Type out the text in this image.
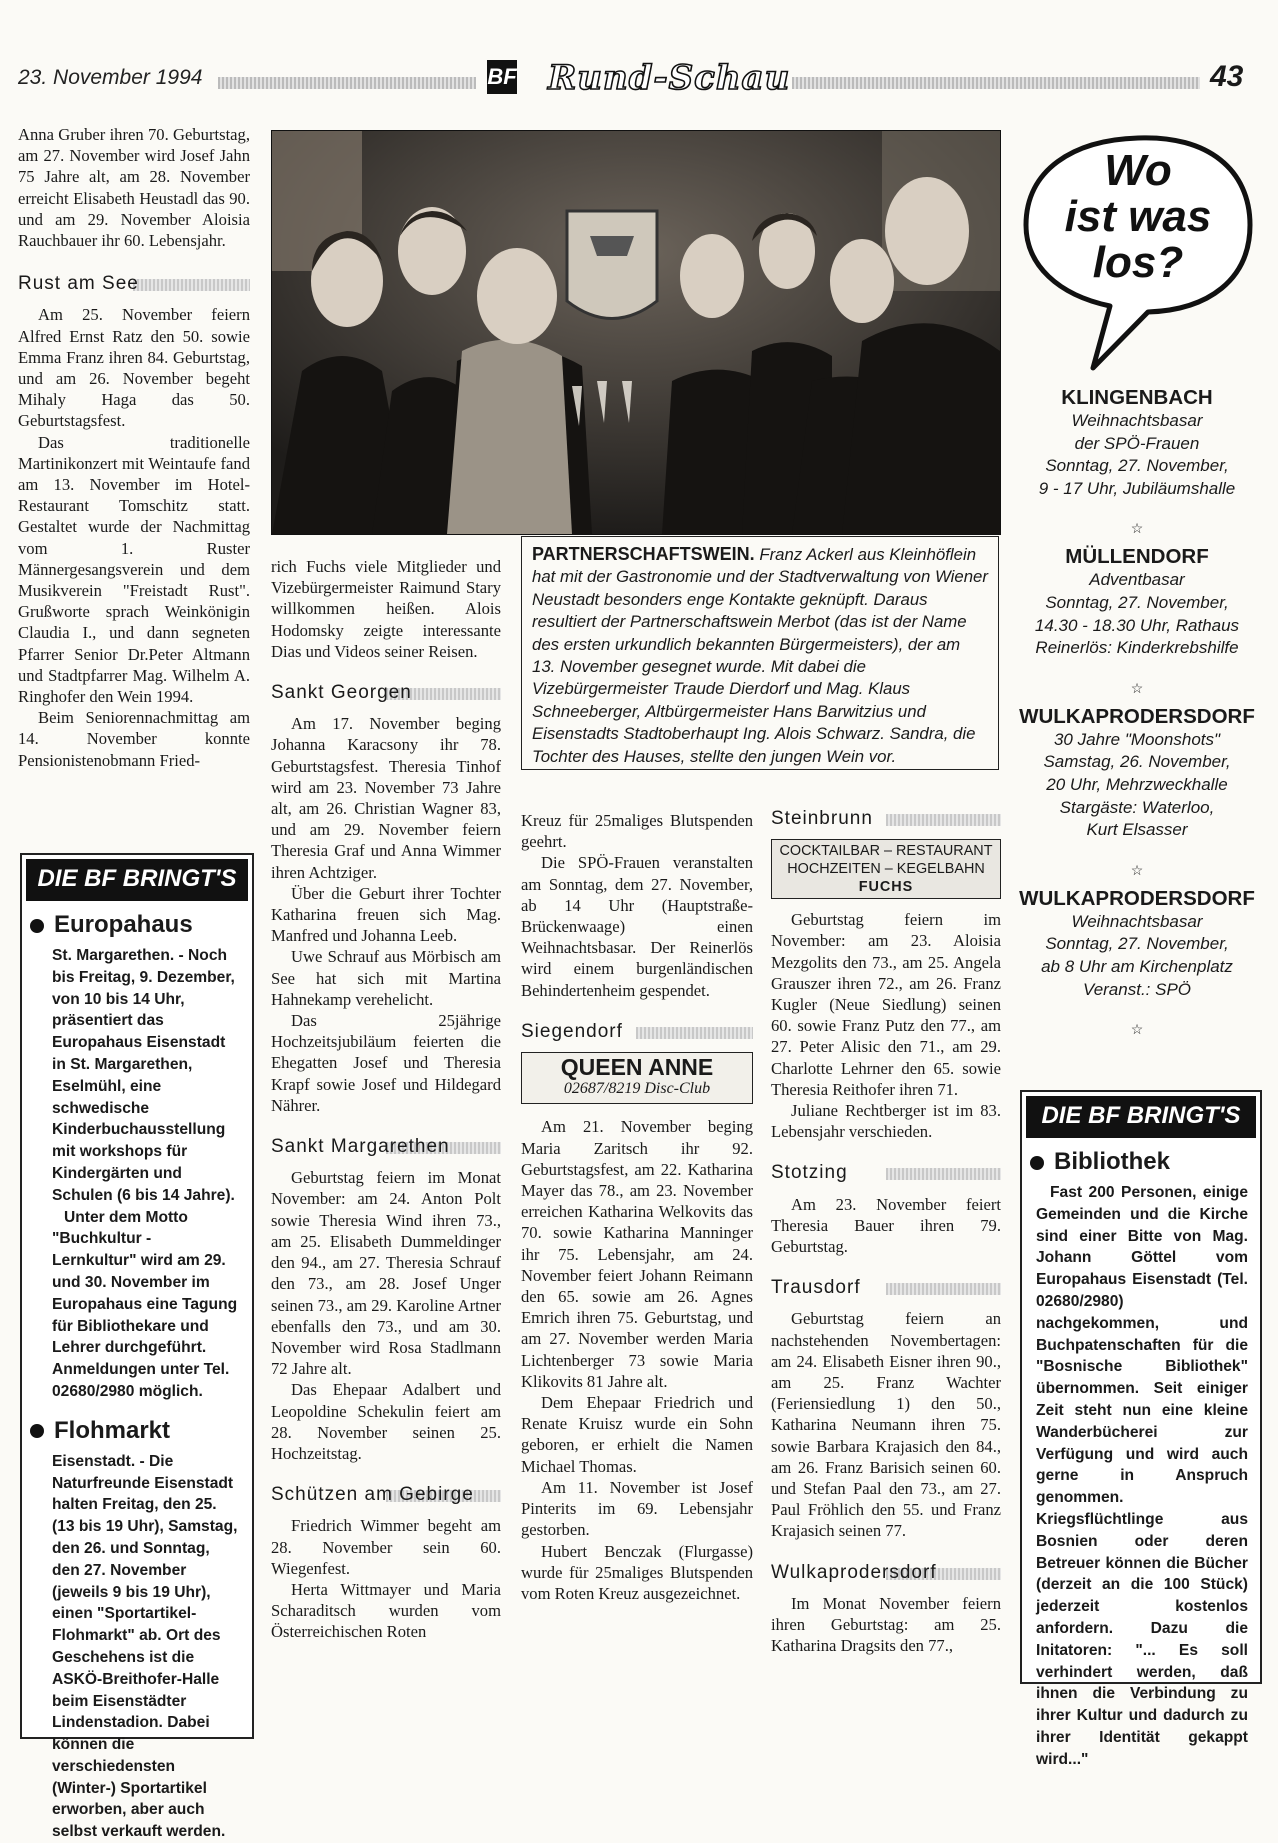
23. November 1994	BF Rund-Schau	43

Anna Gruber ihren 70. Geburtstag, am 27. November wird Josef Jahn 75 Jahre alt, am 28. November erreicht Elisabeth Heustadl das 90. und am 29. November Aloisia Rauchbauer ihr 60. Lebensjahr.

Rust am See

Am 25. November feiern Alfred Ernst Ratz den 50. sowie Emma Franz ihren 84. Geburtstag, und am 26. November begeht Mihaly Haga das 50. Geburtstagsfest.

Das traditionelle Martinikonzert mit Weintaufe fand am 13. November im Hotel-Restaurant Tomschitz statt. Gestaltet wurde der Nachmittag vom 1. Ruster Männergesangsverein und dem Musikverein "Freistadt Rust". Grußworte sprach Weinkönigin Claudia I., und dann segneten Pfarrer Senior Dr.Peter Altmann und Stadtpfarrer Mag. Wilhelm A. Ringhofer den Wein 1994.

Beim Seniorennachmittag am 14. November konnte Pensionistenobmann Fried-

DIE BF BRINGT'S
Europahaus

St. Margarethen. - Noch bis Freitag, 9. Dezember, von 10 bis 14 Uhr, präsentiert das Europahaus Eisenstadt in St. Margarethen, Eselmühl, eine schwedische Kinderbuchausstellung mit workshops für Kindergärten und Schulen (6 bis 14 Jahre).

Unter dem Motto "Buchkultur - Lernkultur" wird am 29. und 30. November im Europahaus eine Tagung für Bibliothekare und Lehrer durchgeführt. Anmeldungen unter Tel. 02680/2980 möglich.

Flohmarkt

Eisenstadt. - Die Naturfreunde Eisenstadt halten Freitag, den 25. (13 bis 19 Uhr), Samstag, den 26. und Sonntag, den 27. November (jeweils 9 bis 19 Uhr), einen "Sportartikel-Flohmarkt" ab. Ort des Geschehens ist die ASKÖ-Breithofer-Halle beim Eisenstädter Lindenstadion. Dabei können die verschiedensten (Winter-) Sportartikel erworben, aber auch selbst verkauft werden.

PARTNERSCHAFTSWEIN. Franz Ackerl aus Kleinhöflein hat mit der Gastronomie und der Stadtverwaltung von Wiener Neustadt besonders enge Kontakte geknüpft. Daraus resultiert der Partnerschaftswein Merbot (das ist der Name des ersten urkundlich bekannten Bürgermeisters), der am 13. November gesegnet wurde. Mit dabei die Vizebürgermeister Traude Dierdorf und Mag. Klaus Schneeberger, Altbürgermeister Hans Barwitzius und Eisenstadts Stadtoberhaupt Ing. Alois Schwarz. Sandra, die Tochter des Hauses, stellte den jungen Wein vor.

rich Fuchs viele Mitglieder und Vizebürgermeister Raimund Stary willkommen heißen. Alois Hodomsky zeigte interessante Dias und Videos seiner Reisen.

Sankt Georgen

Am 17. November beging Johanna Karacsony ihr 78. Geburtstagsfest. Theresia Tinhof wird am 23. November 73 Jahre alt, am 26. Christian Wagner 83, und am 29. November feiern Theresia Graf und Anna Wimmer ihren Achtziger.

Über die Geburt ihrer Tochter Katharina freuen sich Mag. Manfred und Johanna Leeb.

Uwe Schrauf aus Mörbisch am See hat sich mit Martina Hahnekamp verehelicht.

Das 25jährige Hochzeitsjubiläum feierten die Ehegatten Josef und Theresia Krapf sowie Josef und Hildegard Nährer.

Sankt Margarethen

Geburtstag feiern im Monat November: am 24. Anton Polt sowie Theresia Wind ihren 73., am 25. Elisabeth Dummeldinger den 94., am 27. Theresia Schrauf den 73., am 28. Josef Unger seinen 73., am 29. Karoline Artner ebenfalls den 73., und am 30. November wird Rosa Stadlmann 72 Jahre alt.

Das Ehepaar Adalbert und Leopoldine Schekulin feiert am 28. November seinen 25. Hochzeitstag.

Schützen am Gebirge

Friedrich Wimmer begeht am 28. November sein 60. Wiegenfest.

Herta Wittmayer und Maria Scharaditsch wurden vom Österreichischen Roten

Kreuz für 25maliges Blutspenden geehrt.

Die SPÖ-Frauen veranstalten am Sonntag, dem 27. November, ab 14 Uhr (Hauptstraße-Brückenwaage) einen Weihnachtsbasar. Der Reinerlös wird einem burgenländischen Behindertenheim gespendet.

Siegendorf
QUEEN ANNE
02687/8219 Disc-Club

Am 21. November beging Maria Zaritsch ihr 92. Geburtstagsfest, am 22. Katharina Mayer das 78., am 23. November erreichen Katharina Welkovits das 70. sowie Katharina Manninger ihr 75. Lebensjahr, am 24. November feiert Johann Reimann den 65. sowie am 26. Agnes Emrich ihren 75. Geburtstag, und am 27. November werden Maria Lichtenberger 73 sowie Maria Klikovits 81 Jahre alt.

Dem Ehepaar Friedrich und Renate Kruisz wurde ein Sohn geboren, er erhielt die Namen Michael Thomas.

Am 11. November ist Josef Pinterits im 69. Lebensjahr gestorben.

Hubert Benczak (Flurgasse) wurde für 25maliges Blutspenden vom Roten Kreuz ausgezeichnet.

Steinbrunn
COCKTAILBAR – RESTAURANT
HOCHZEITEN – KEGELBAHN
FUCHS

Geburtstag feiern im November: am 23. Aloisia Mezgolits den 73., am 25. Angela Grauszer ihren 72., am 26. Franz Kugler (Neue Siedlung) seinen 60. sowie Franz Putz den 77., am 27. Peter Alisic den 71., am 29. Charlotte Lehrner den 65. sowie Theresia Reithofer ihren 71.

Juliane Rechtberger ist im 83. Lebensjahr verschieden.

Stotzing

Am 23. November feiert Theresia Bauer ihren 79. Geburtstag.

Trausdorf

Geburtstag feiern an nachstehenden Novembertagen: am 24. Elisabeth Eisner ihren 90., am 25. Franz Wachter (Feriensiedlung 1) den 50., Katharina Neumann ihren 75. sowie Barbara Krajasich den 84., am 26. Franz Barisich seinen 60. und Stefan Paal den 73., am 27. Paul Fröhlich den 55. und Franz Krajasich seinen 77.

Wulkaprodersdorf

Im Monat November feiern ihren Geburtstag: am 25. Katharina Dragsits den 77.,

Wo
ist was
los?
KLINGENBACH
Weihnachtsbasar
der SPÖ-Frauen
Sonntag, 27. November,
9 - 17 Uhr, Jubiläumshalle
☆
MÜLLENDORF
Adventbasar
Sonntag, 27. November,
14.30 - 18.30 Uhr, Rathaus
Reinerlös: Kinderkrebshilfe
☆
WULKAPRODERSDORF
30 Jahre "Moonshots"
Samstag, 26. November,
20 Uhr, Mehrzweckhalle
Stargäste: Waterloo,
Kurt Elsasser
☆
WULKAPRODERSDORF
Weihnachtsbasar
Sonntag, 27. November,
ab 8 Uhr am Kirchenplatz
Veranst.: SPÖ
☆
DIE BF BRINGT'S
Bibliothek

Fast 200 Personen, einige Gemeinden und die Kirche sind einer Bitte von Mag. Johann Göttel vom Europahaus Eisenstadt (Tel. 02680/2980) nachgekommen, und Buchpatenschaften für die "Bosnische Bibliothek" übernommen. Seit einiger Zeit steht nun eine kleine Wanderbücherei zur Verfügung und wird auch gerne in Anspruch genommen. Kriegsflüchtlinge aus Bosnien oder deren Betreuer können die Bücher (derzeit an die 100 Stück) jederzeit kostenlos anfordern. Dazu die Initatoren: "... Es soll verhindert werden, daß ihnen die Verbindung zu ihrer Kultur und dadurch zu ihrer Identität gekappt wird..."
